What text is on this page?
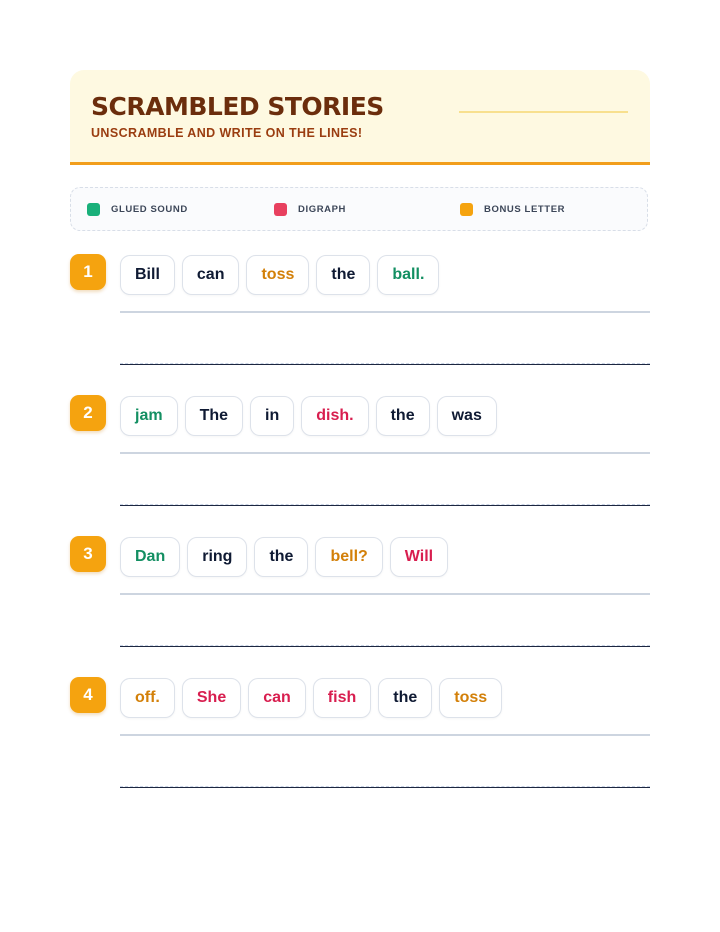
SCRAMBLED STORIES
UNSCRAMBLE AND WRITE ON THE LINES!
GLUED SOUND	DIGRAPH	BONUS LETTER
1	Bill	can	toss	the	ball.
2	jam	The	in	dish.	the	was
3	Dan	ring	the	bell?	Will
4	off.	She	can	fish	the	toss
